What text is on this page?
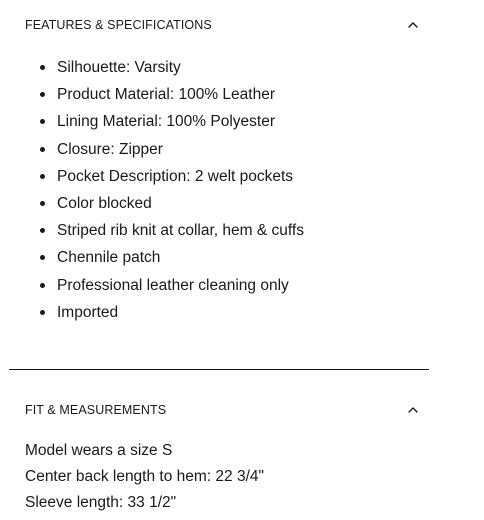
FEATURES & SPECIFICATIONS
Silhouette: Varsity
Product Material: 100% Leather
Lining Material: 100% Polyester
Closure: Zipper
Pocket Description: 2 welt pockets
Color blocked
Striped rib knit at collar, hem & cuffs
Chennile patch
Professional leather cleaning only
Imported
FIT & MEASUREMENTS
Model wears a size S
Center back length to hem: 22 3/4"
Sleeve length: 33 1/2"
